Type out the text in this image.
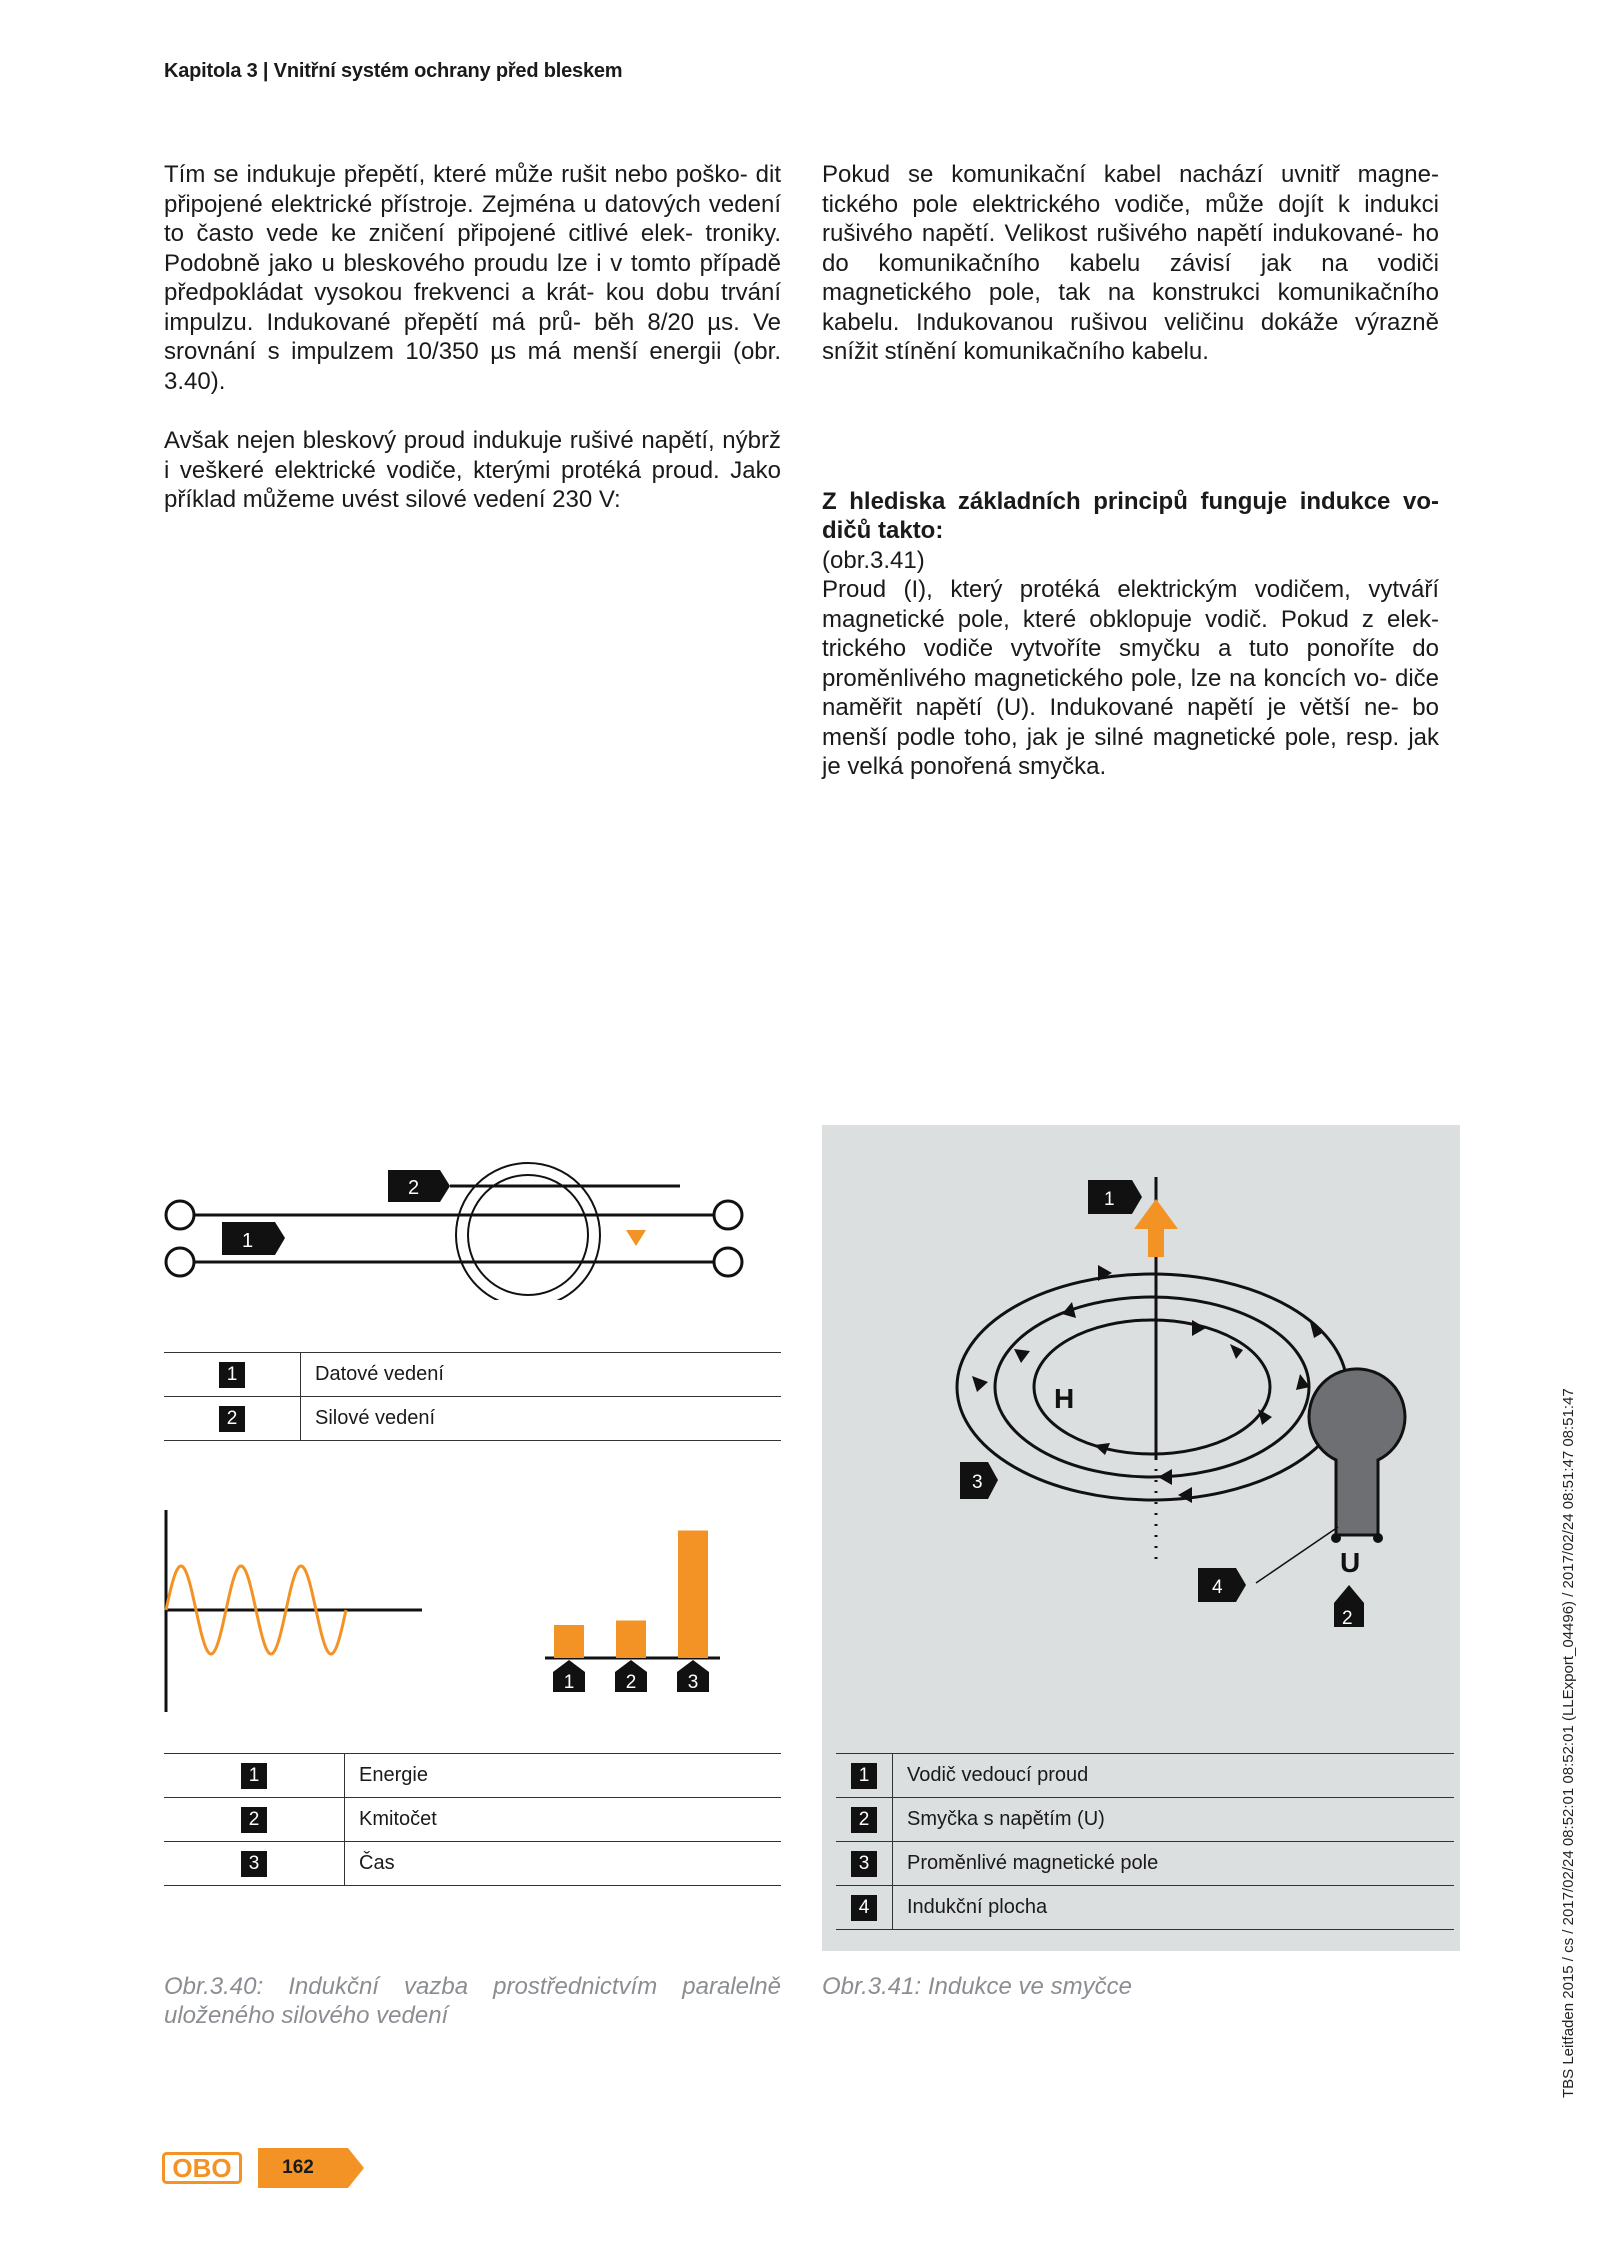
Kapitola 3 | Vnitřní systém ochrany před bleskem

Tím se indukuje přepětí, které může rušit nebo poško- dit připojené elektrické přístroje. Zejména u datových vedení to často vede ke zničení připojené citlivé elek- troniky. Podobně jako u bleskového proudu lze i v tomto případě předpokládat vysokou frekvenci a krát- kou dobu trvání impulzu. Indukované přepětí má prů- běh 8/20 µs. Ve srovnání s impulzem 10/350 µs má menší energii (obr. 3.40).

Avšak nejen bleskový proud indukuje rušivé napětí, nýbrž i veškeré elektrické vodiče, kterými protéká proud. Jako příklad můžeme uvést silové vedení 230 V:

Pokud se komunikační kabel nachází uvnitř magne- tického pole elektrického vodiče, může dojít k indukci rušivého napětí. Velikost rušivého napětí indukované- ho do komunikačního kabelu závisí jak na vodiči magnetického pole, tak na konstrukci komunikačního kabelu. Indukovanou rušivou veličinu dokáže výrazně snížit stínění komunikačního kabelu.

Z hlediska základních principů funguje indukce vo- dičů takto:

(obr.3.41)

Proud (I), který protéká elektrickým vodičem, vytváří magnetické pole, které obklopuje vodič. Pokud z elek- trického vodiče vytvoříte smyčku a tuto ponoříte do proměnlivého magnetického pole, lze na koncích vo- diče naměřit napětí (U). Indukované napětí je větší ne- bo menší podle toho, jak je silné magnetické pole, resp. jak je velká ponořená smyčka.

2
1
1	Datové vedení
2	Silové vedení
1	2	3
1	Energie
2	Kmitočet
3	Čas
Obr.3.40: Indukční vazba prostřednictvím paralelně uloženého silového vedení
H
U
1
3
4
2
1	Vodič vedoucí proud
2	Smyčka s napětím (U)
3	Proměnlivé magnetické pole
4	Indukční plocha
Obr.3.41: Indukce ve smyčce	TBS Leitfaden 2015 / cs / 2017/02/24 08:52:01 08:52:01 (LLExport_04496) / 2017/02/24 08:51:47 08:51:47
OBO	162
